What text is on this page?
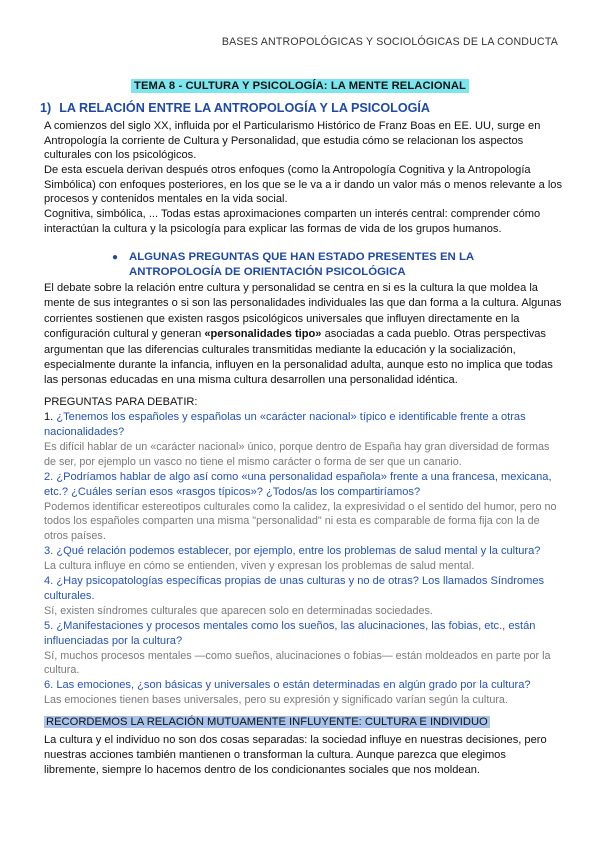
BASES ANTROPOLÓGICAS Y SOCIOLÓGICAS DE LA CONDUCTA
TEMA 8 - CULTURA Y PSICOLOGÍA: LA MENTE RELACIONAL

1) LA RELACIÓN ENTRE LA ANTROPOLOGÍA Y LA PSICOLOGÍA

A comienzos del siglo XX, influida por el Particularismo Histórico de Franz Boas en EE. UU, surge en Antropología la corriente de Cultura y Personalidad, que estudia cómo se relacionan los aspectos culturales con los psicológicos.

De esta escuela derivan después otros enfoques (como la Antropología Cognitiva y la Antropología Simbólica) con enfoques posteriores, en los que se le va a ir dando un valor más o menos relevante a los procesos y contenidos mentales en la vida social.

Cognitiva, simbólica, ... Todas estas aproximaciones comparten un interés central: comprender cómo interactúan la cultura y la psicología para explicar las formas de vida de los grupos humanos.

● ALGUNAS PREGUNTAS QUE HAN ESTADO PRESENTES EN LA ANTROPOLOGÍA DE ORIENTACIÓN PSICOLÓGICA

El debate sobre la relación entre cultura y personalidad se centra en si es la cultura la que moldea la mente de sus integrantes o si son las personalidades individuales las que dan forma a la cultura. Algunas corrientes sostienen que existen rasgos psicológicos universales que influyen directamente en la configuración cultural y generan «personalidades tipo» asociadas a cada pueblo. Otras perspectivas argumentan que las diferencias culturales transmitidas mediante la educación y la socialización, especialmente durante la infancia, influyen en la personalidad adulta, aunque esto no implica que todas las personas educadas en una misma cultura desarrollen una personalidad idéntica.

PREGUNTAS PARA DEBATIR:

1. ¿Tenemos los españoles y españolas un «carácter nacional» típico e identificable frente a otras nacionalidades?

Es difícil hablar de un «carácter nacional» único, porque dentro de España hay gran diversidad de formas de ser, por ejemplo un vasco no tiene el mismo carácter o forma de ser que un canario.

2. ¿Podríamos hablar de algo así como «una personalidad española» frente a una francesa, mexicana, etc.? ¿Cuáles serían esos «rasgos típicos»? ¿Todos/as los compartiríamos?

Podemos identificar estereotipos culturales como la calidez, la expresividad o el sentido del humor, pero no todos los españoles comparten una misma "personalidad" ni esta es comparable de forma fija con la de otros países.

3. ¿Qué relación podemos establecer, por ejemplo, entre los problemas de salud mental y la cultura?

La cultura influye en cómo se entienden, viven y expresan los problemas de salud mental.

4. ¿Hay psicopatologías específicas propias de unas culturas y no de otras? Los llamados Síndromes culturales.

Sí, existen síndromes culturales que aparecen solo en determinadas sociedades.

5. ¿Manifestaciones y procesos mentales como los sueños, las alucinaciones, las fobias, etc., están influenciadas por la cultura?

Sí, muchos procesos mentales —como sueños, alucinaciones o fobias— están moldeados en parte por la cultura.

6. Las emociones, ¿son básicas y universales o están determinadas en algún grado por la cultura?

Las emociones tienen bases universales, pero su expresión y significado varían según la cultura.

RECORDEMOS LA RELACIÓN MUTUAMENTE INFLUYENTE: CULTURA E INDIVIDUO

La cultura y el individuo no son dos cosas separadas: la sociedad influye en nuestras decisiones, pero nuestras acciones también mantienen o transforman la cultura. Aunque parezca que elegimos libremente, siempre lo hacemos dentro de los condicionantes sociales que nos moldean.
